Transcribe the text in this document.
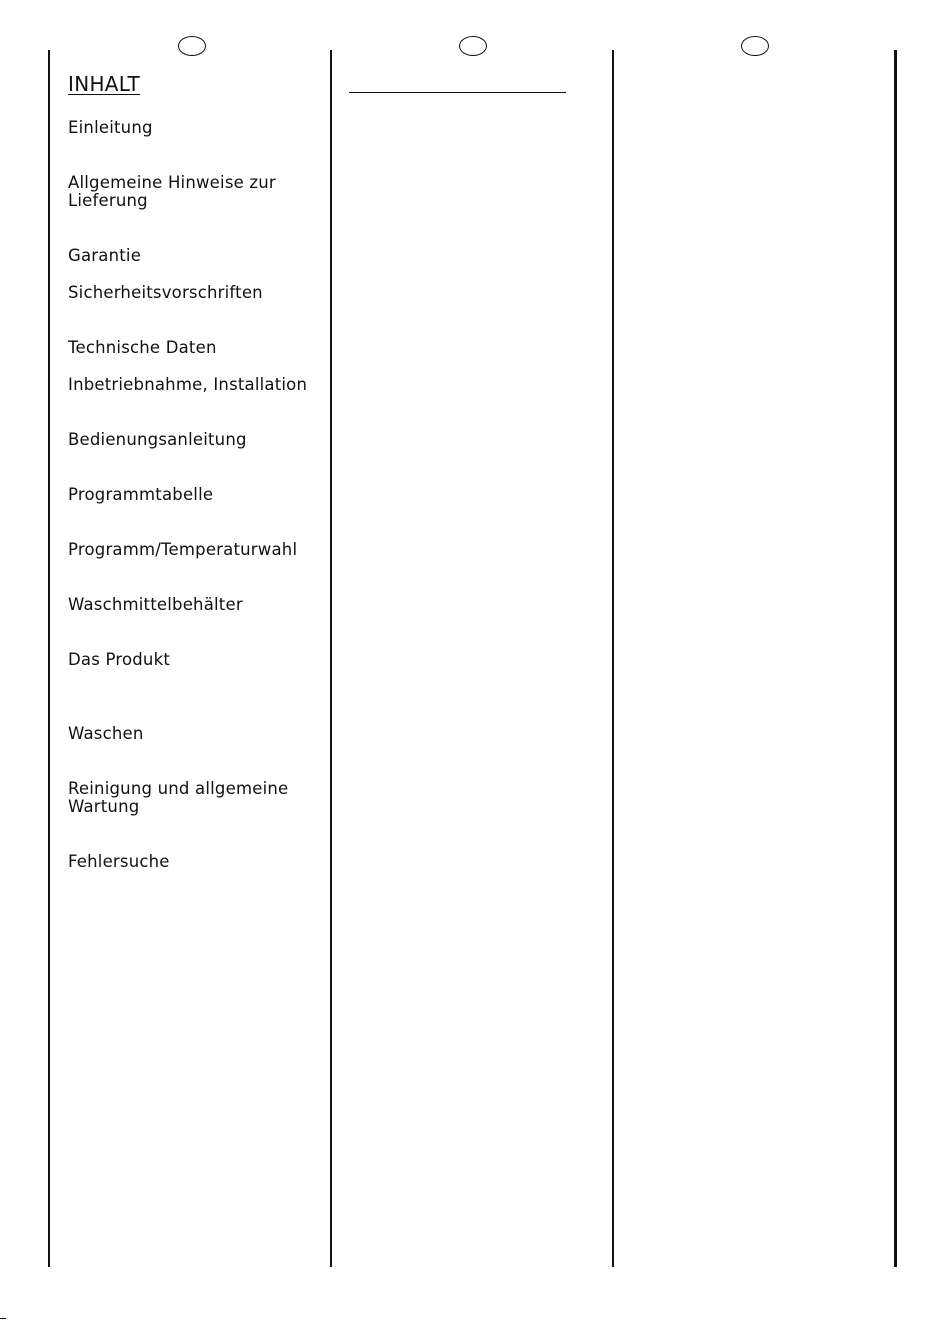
INHALT
Einleitung
Allgemeine Hinweise zur
Lieferung
Garantie
Sicherheitsvorschriften
Technische Daten
Inbetriebnahme, Installation
Bedienungsanleitung
Programmtabelle
Programm/Temperaturwahl
Waschmittelbehälter
Das Produkt
Waschen
Reinigung und allgemeine
Wartung
Fehlersuche
